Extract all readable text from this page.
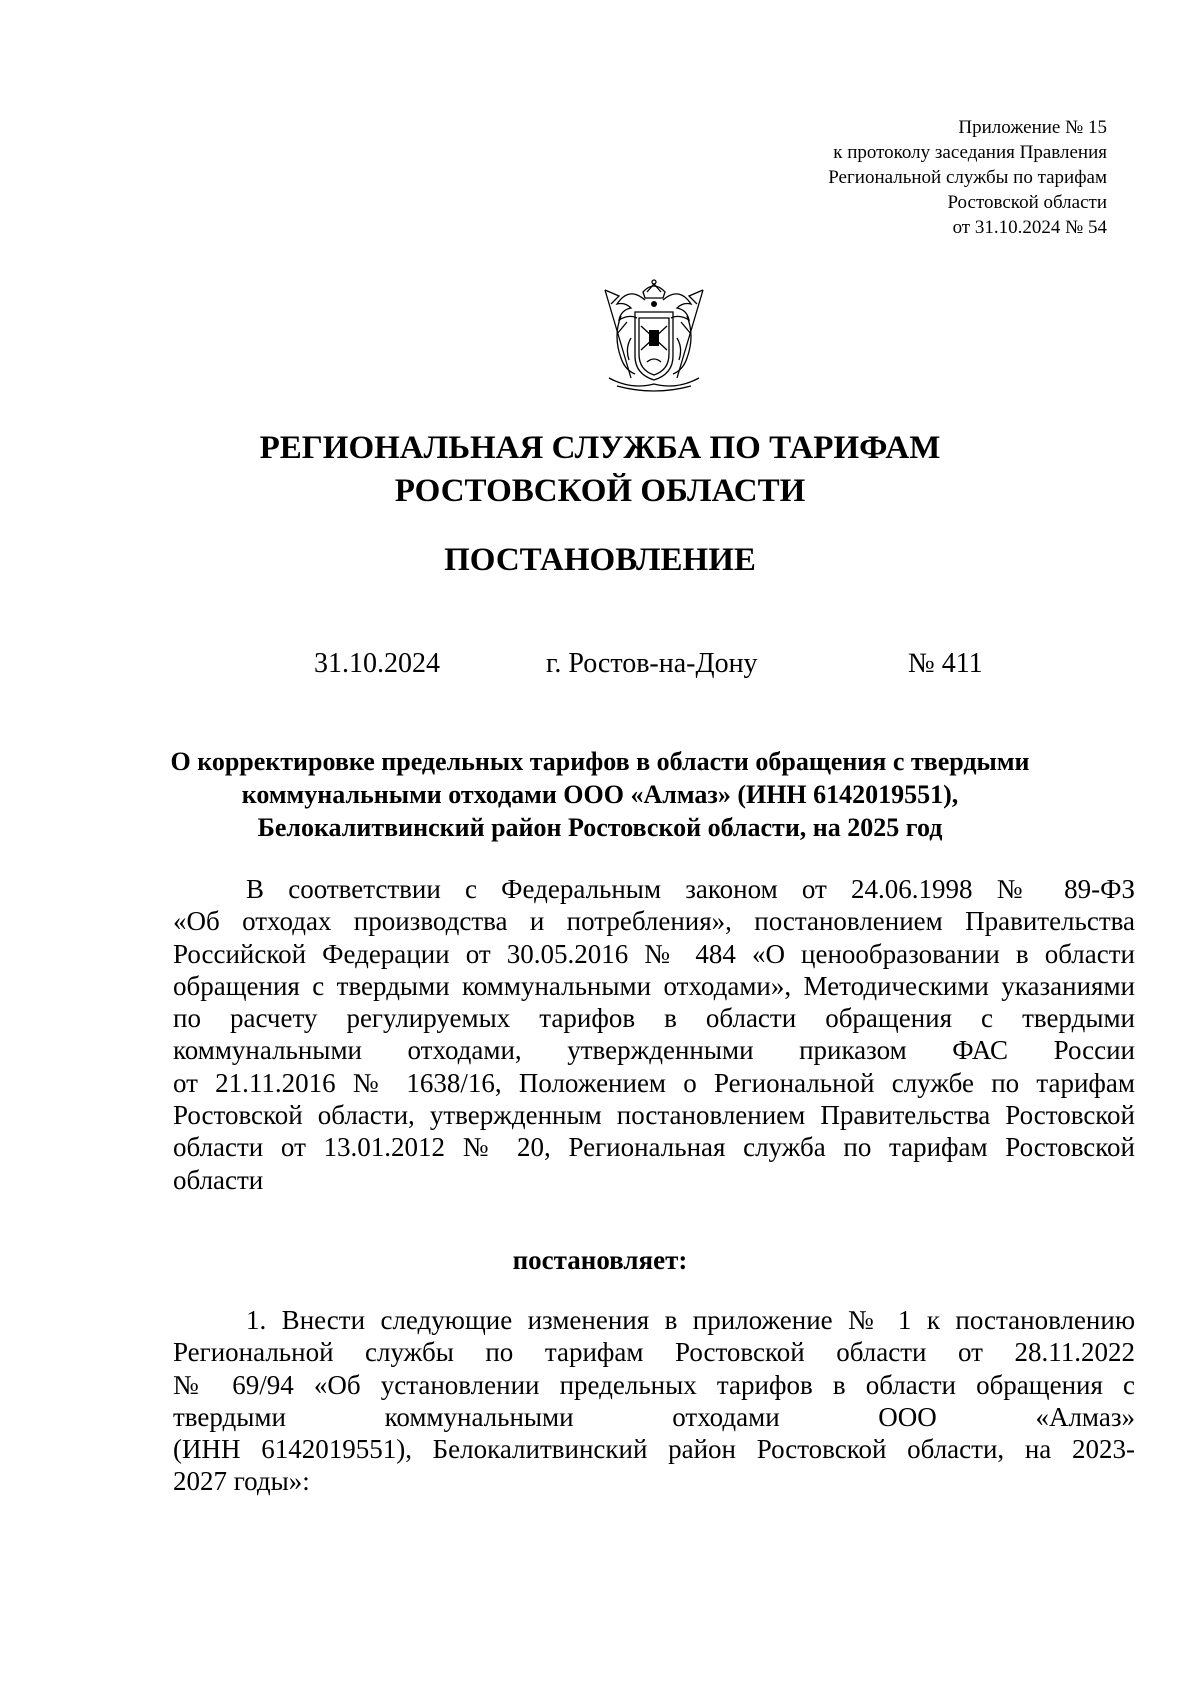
Приложение № 15
к протоколу заседания Правления
Региональной службы по тарифам
Ростовской области
от 31.10.2024 № 54
РЕГИОНАЛЬНАЯ СЛУЖБА ПО ТАРИФАМ
РОСТОВСКОЙ ОБЛАСТИ
ПОСТАНОВЛЕНИЕ
31.10.2024	г. Ростов-на-Дону	№ 411
О корректировке предельных тарифов в области обращения с твердыми
коммунальными отходами ООО «Алмаз» (ИНН 6142019551),
Белокалитвинский район Ростовской области, на 2025 год
В соответствии с Федеральным законом от 24.06.1998 № 89-ФЗ
«Об отходах производства и потребления», постановлением Правительства
Российской Федерации от 30.05.2016 № 484 «О ценообразовании в области
обращения с твердыми коммунальными отходами», Методическими указаниями
по расчету регулируемых тарифов в области обращения с твердыми
коммунальными отходами, утвержденными приказом ФАС России
от 21.11.2016 № 1638/16, Положением о Региональной службе по тарифам
Ростовской области, утвержденным постановлением Правительства Ростовской
области от 13.01.2012 № 20, Региональная служба по тарифам Ростовской
области
постановляет:
1. Внести следующие изменения в приложение № 1 к постановлению
Региональной службы по тарифам Ростовской области от 28.11.2022
№ 69/94 «Об установлении предельных тарифов в области обращения с
твердыми коммунальными отходами ООО «Алмаз»
(ИНН 6142019551), Белокалитвинский район Ростовской области, на 2023-
2027 годы»:
